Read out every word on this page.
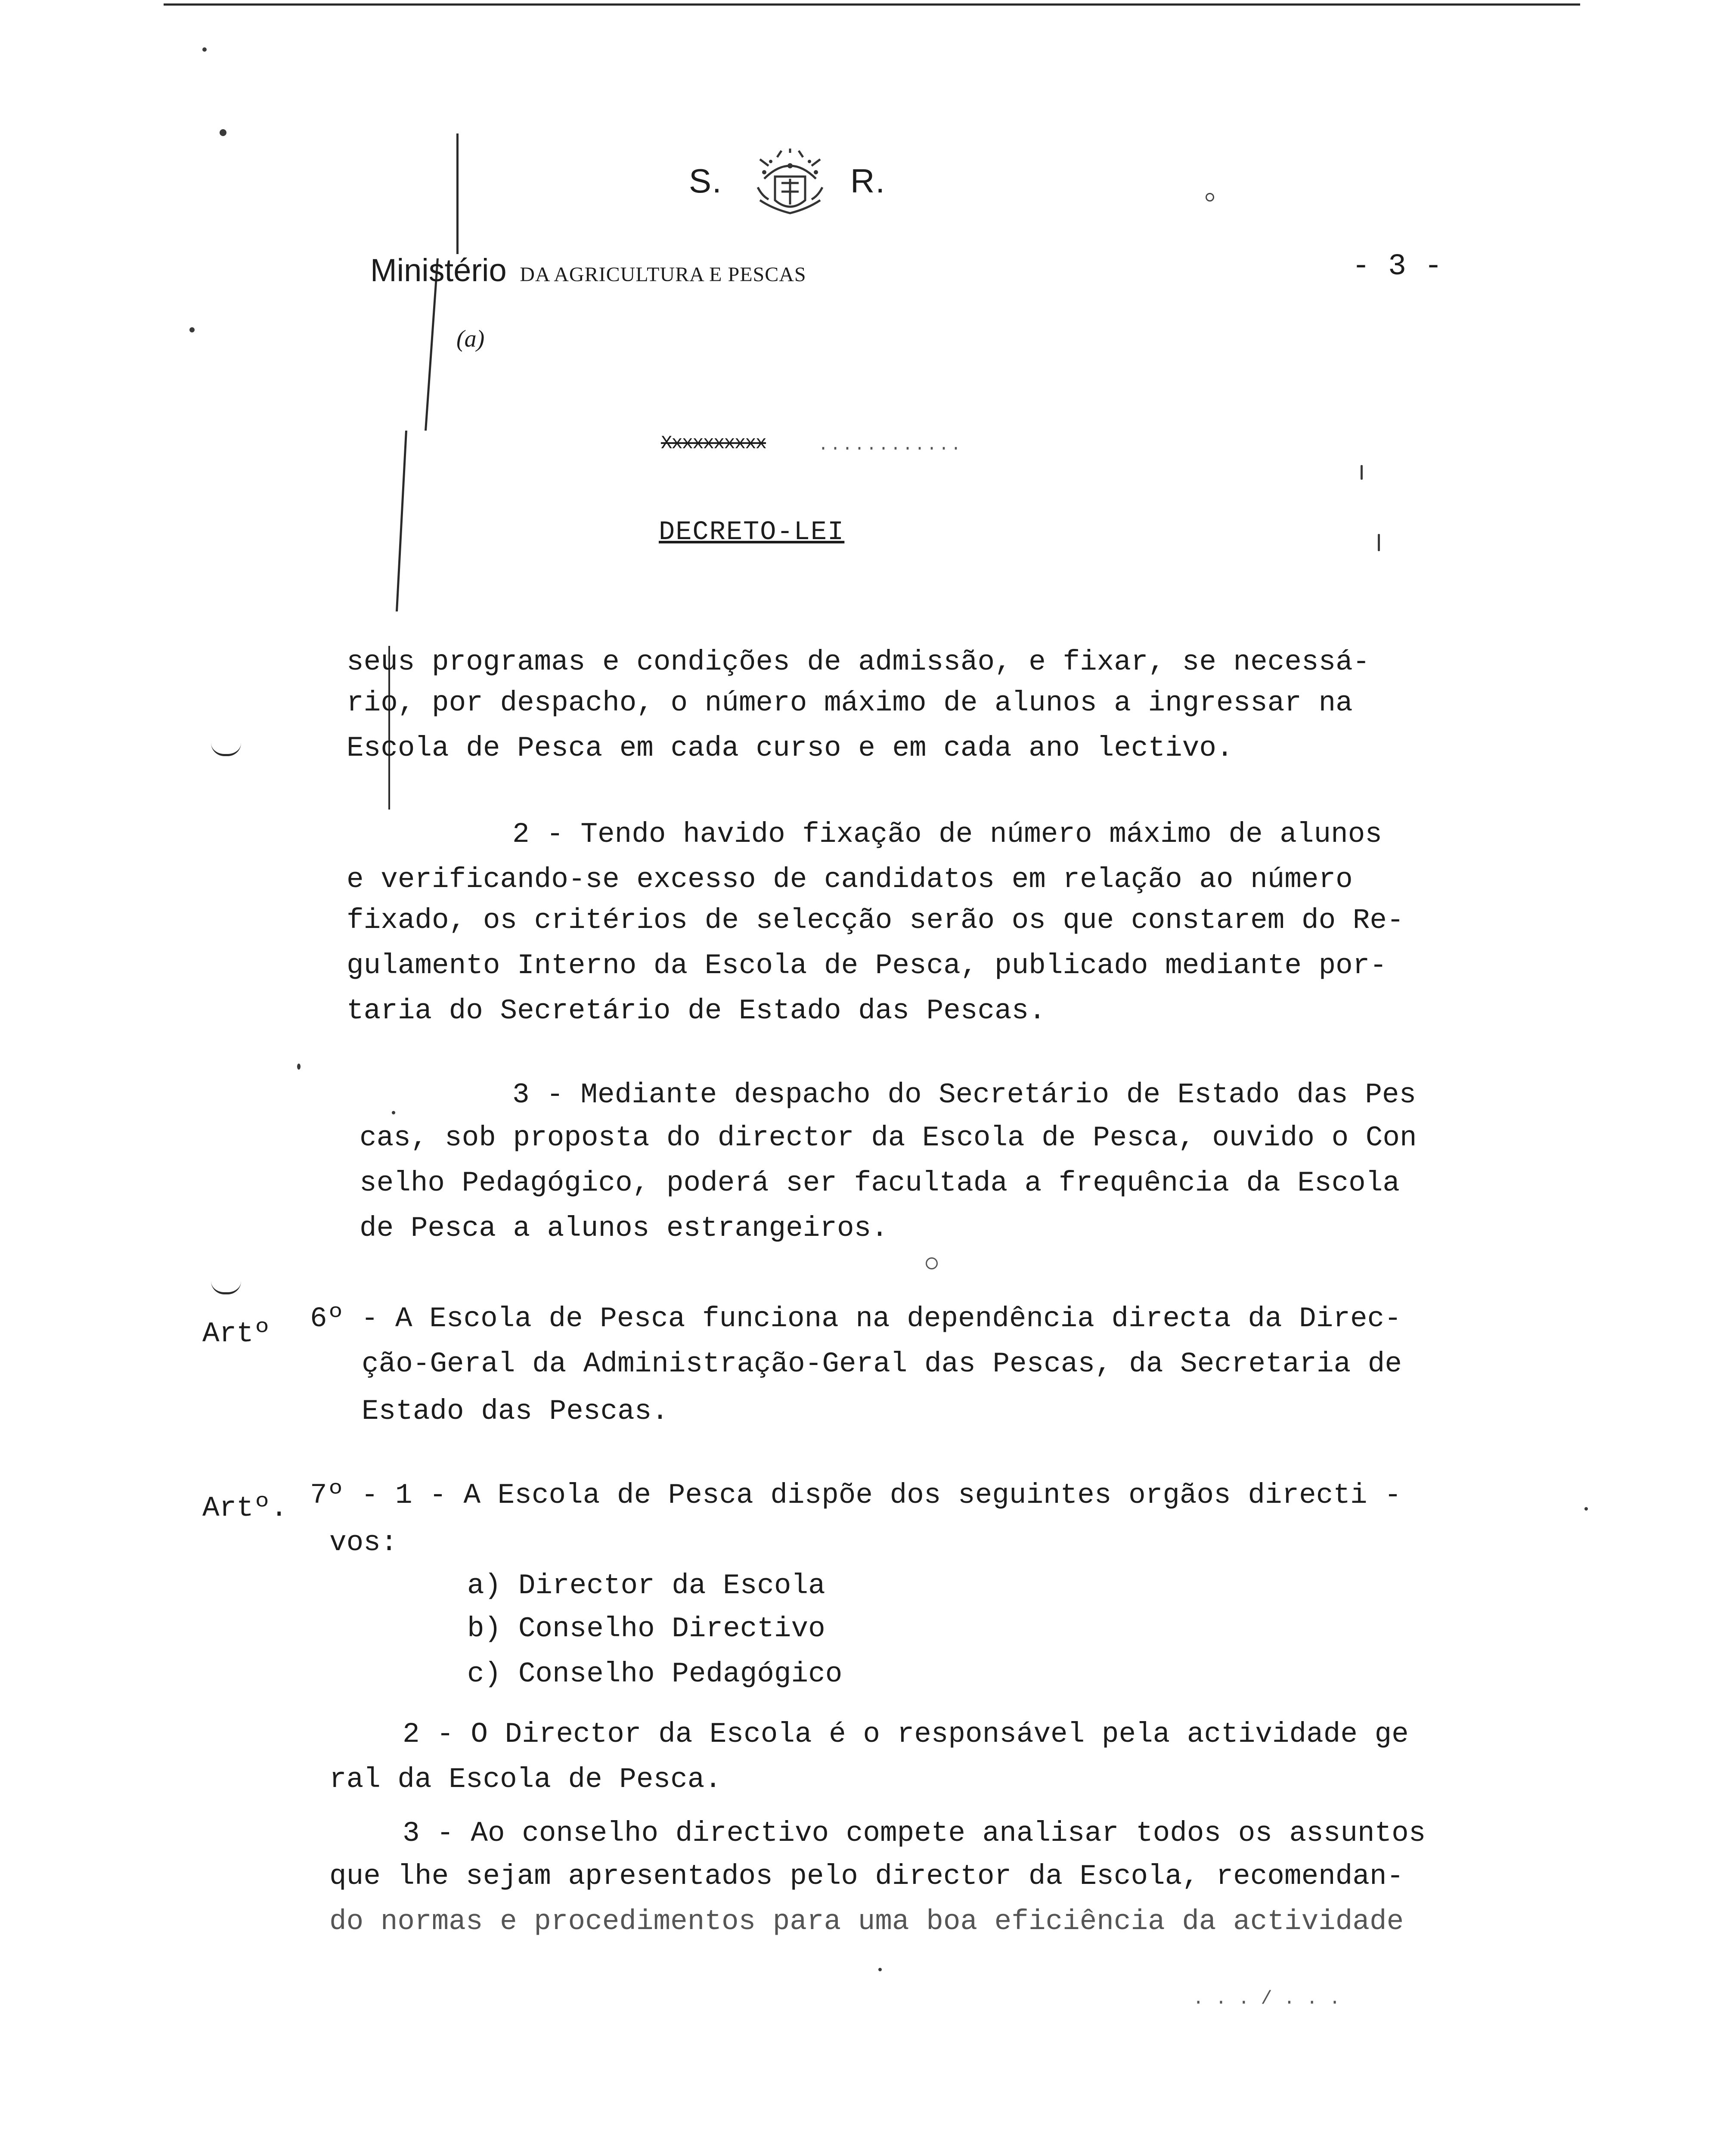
S.	R.
Ministério DA AGRICULTURA E PESCAS	- 3 -
(a)
Xxxxxxxxxx	............
DECRETO-LEI
seus programas e condições de admissão, e fixar, se necessá-
rio, por despacho, o número máximo de alunos a ingressar na
Escola de Pesca em cada curso e em cada ano lectivo.
2 - Tendo havido fixação de número máximo de alunos
e verificando-se excesso de candidatos em relação ao número
fixado, os critérios de selecção serão os que constarem do Re-
gulamento Interno da Escola de Pesca, publicado mediante por-
taria do Secretário de Estado das Pescas.
3 - Mediante despacho do Secretário de Estado das Pes
cas, sob proposta do director da Escola de Pesca, ouvido o Con
selho Pedagógico, poderá ser facultada a frequência da Escola
de Pesca a alunos estrangeiros.
Artº 6º - A Escola de Pesca funciona na dependência directa da Direc-
ção-Geral da Administração-Geral das Pescas, da Secretaria de
Estado das Pescas.
Artº. 7º - 1 - A Escola de Pesca dispõe dos seguintes orgãos directi -
vos:
a) Director da Escola
b) Conselho Directivo
c) Conselho Pedagógico
2 - O Director da Escola é o responsável pela actividade ge
ral da Escola de Pesca.
3 - Ao conselho directivo compete analisar todos os assuntos
que lhe sejam apresentados pelo director da Escola, recomendan-
do normas e procedimentos para uma boa eficiência da actividade
. . . / . . .
